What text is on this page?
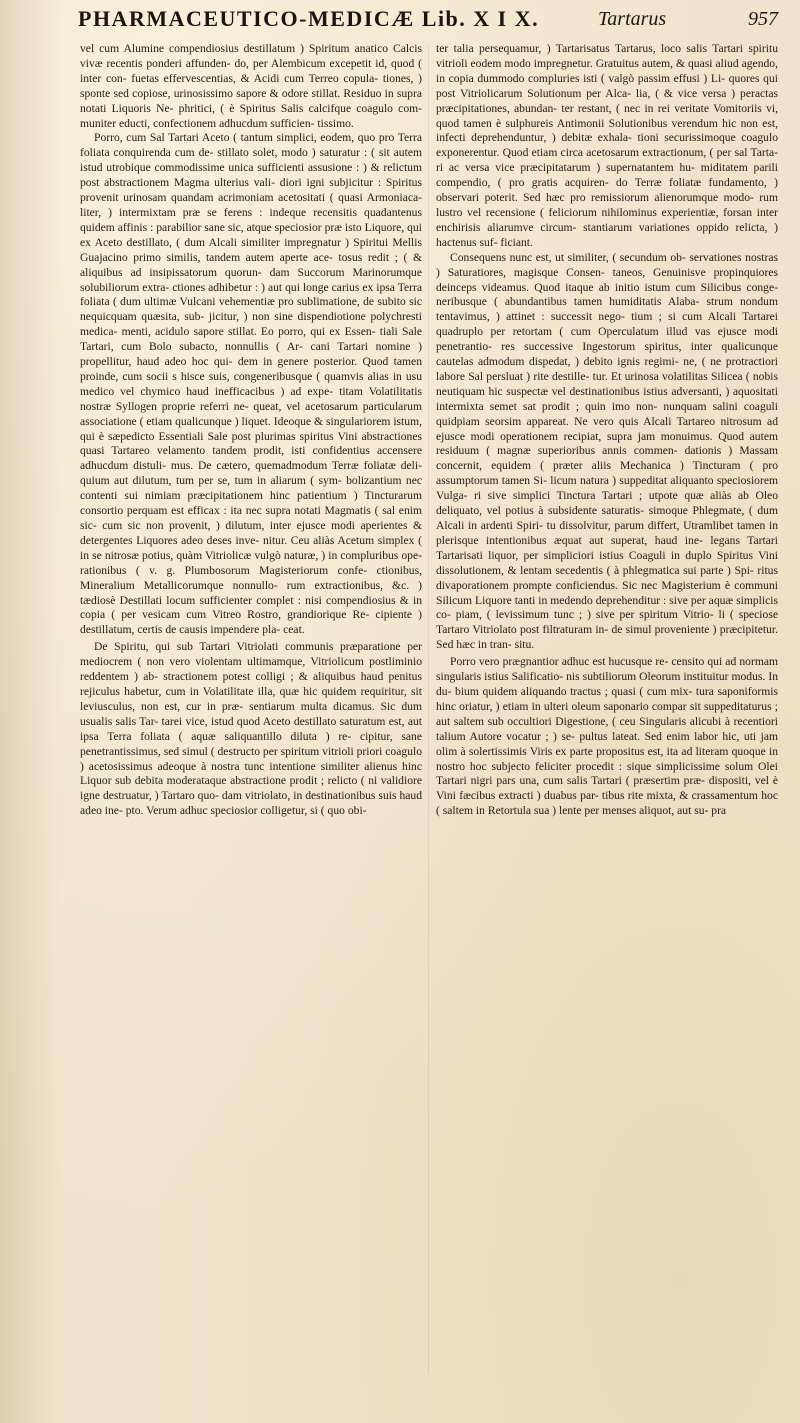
PHARMACEUTICO-MEDICÆ Lib. X I X.	Tartarus	957

vel cum Aluminе compendiosius destillatum ) Spiritum anatico Calcis vivæ recentis ponderi affunden- do, per Alembicum excepetit id, quod ( inter con- fuetas effervescentias, & Acidi cum Terreo copula- tiones, ) sponte sed copiose, urinosissimo sapore & odore stillat. Residuo in supra notati Liquoris Ne- phritici, ( è Spiritus Salis calcifque coagulo com- muniter educti, confectionem adhucdum sufficien- tissimo.

Porro, cum Sal Tartari Aceto ( tantum simplici, eodem, quo pro Terra foliata conquirenda cum de- stillato solet, modo ) saturatur : ( sit autem istud utrobique commodissime unica sufficienti assusione : ) & relictum post abstractionem Magma ulterius vali- diori igni subjicitur : Spiritus provenit urinosam quandam acrimoniam acetositati ( quasi Armoniaca- liter, ) intermixtam præ se ferens : indeque recensitis quadantenus quidem affinis : parabilior sane sic, atque speciosior præ isto Liquore, qui ex Aceto destillato, ( dum Alcali similiter impregnatur ) Spiritui Mellis Guajacino primo similis, tandem autem aperte ace- tosus redit ; ( & aliquibus ad insipissatorum quorun- dam Succorum Marinorumque solubiliorum extra- ctiones adhibetur : ) aut qui longe carius ex ipsa Terra foliata ( dum ultimæ Vulcani vehementiæ pro sublimatione, de subito sic nequicquam quæsita, sub- jicitur, ) non sine dispendiotione polychresti medica- menti, acidulo sapore stillat. Eo porro, qui ex Essen- tiali Sale Tartari, cum Bolo subacto, nonnullis ( Ar- cani Tartari nomine ) propellitur, haud adeo hoc qui- dem in genere posterior. Quod tamen proinde, cum socii s hisce suis, congeneribusque ( quamvis alias in usu medico vel chymico haud inefficacibus ) ad expe- titam Volatilitatis nostræ Syllogen proprie referri ne- queat, vel acetosarum particularum associatione ( etiam qualicunque ) liquet. Ideoque & singulariorem istum, qui è sæpedicto Essentiali Sale post plurimas spiritus Vini abstractiones quasi Tartareo velamento tandem prodit, isti confidentius accensere adhucdum distuli- mus. De cætero, quemadmodum Terræ foliatæ deli- quium aut dilutum, tum per se, tum in aliarum ( sym- bolizantium nec contenti sui nimiam præcipitationem hinc patientium ) Tincturarum consortio perquam est efficax : ita nec supra notati Magmatis ( sal enim sic- cum sic non provenit, ) dilutum, inter ejusce modi aperientes & detergentes Liquores adeo deses inve- nitur. Ceu aliàs Acetum simplex ( in se nitrosæ potius, quàm Vitriolicæ vulgò naturæ, ) in compluribus ope- rationibus ( v. g. Plumbosorum Magisteriorum confe- ctionibus, Mineralium Metallicorumque nonnullo- rum extractionibus, &c. ) tædiosè Destillati locum sufficienter complet : nisi compendiosius & in copia ( per vesicam cum Vitreo Rostro, grandiorique Re- cipiente ) destillatum, certis de causis impendere pla- ceat.

De Spiritu, qui sub Tartari Vitriolati communis præparatione per mediocrem ( non vero violentam ultimamque, Vitriolicum postliminio reddentem ) ab- stractionem potest colligi ; & aliquibus haud penitus rejiculus habetur, cum in Volatilitate illa, quæ hic quidem requiritur, sit leviusculus, non est, cur in præ- sentiarum multa dicamus. Sic dum usualis salis Tar- tarei vice, istud quod Aceto destillato saturatum est, aut ipsa Terra foliata ( aquæ saliquantillo diluta ) re- cipitur, sane penetrantissimus, sed simul ( destructo per spiritum vitrioli priori coagulo ) acetosissimus adeoque à nostra tunc intentione similiter alienus hinc Liquor sub debita moderataque abstractione prodit ; relicto ( ni validiore igne destruatur, ) Tartaro quo- dam vitriolato, in destinationibus suis haud adeo ine- pto. Verum adhuc speciosior colligetur, si ( quo obi-

ter talia persequamur, ) Tartarisatus Tartarus, loco salis Tartari spiritu vitrioli eodem modo impregnetur. Gratuitus autem, & quasi aliud agendo, in copia dummodo compluries isti ( valgò passim effusi ) Li- quores qui post Vitriolicarum Solutionum per Alca- lia, ( & vice versa ) peractas præcipitationes, abundan- ter restant, ( nec in rei veritate Vomitoriis vi, quod tamen è sulphureis Antimonii Solutionibus verendum hic non est, infecti deprehenduntur, ) debitæ exhala- tioni securissimoque coagulo exponerentur. Quod etiam circa acetosarum extractionum, ( per sal Tarta- ri ac versa vice præcipitatarum ) supernatantem hu- miditatem parili compendio, ( pro gratis acquiren- do Terræ foliatæ fundamento, ) observari poterit. Sed hæc pro remissiorum alienorumque modo- rum lustro vel recensione ( feliciorum nihilominus experientiæ, forsan inter enchirisis aliarumve circum- stantiarum variationes oppido relicta, ) hactenus suf- ficiant.

Consequens nunc est, ut similiter, ( secundum ob- servationes nostras ) Saturatiores, magisque Consen- taneos, Genuinisve propinquiores deinceps videamus. Quod itaque ab initio istum cum Silicibus conge- neribusque ( abundantibus tamen humiditatis Alaba- strum nondum tentavimus, ) attinet : successit nego- tium ; si cum Alcali Tartarei quadruplo per retortam ( cum Operculatum illud vas ejusce modi penetrantio- res successive Ingestorum spiritus, inter qualicunque cautelas admodum dispedat, ) debito ignis regimi- ne, ( ne protractiori labore Sal persluat ) rite destille- tur. Et urinosa volatilitas Silicea ( nobis neutiquam hic suspectæ vel destinationibus istius adversanti, ) aquositati intermixta semet sat prodit ; quin imo non- nunquam salini coaguli quidpiam seorsim appareat. Ne vero quis Alcali Tartareo nitrosum ad ejusce modi operationem recipiat, supra jam monuimus. Quod autem residuum ( magnæ superioribus annis commen- dationis ) Massam concernit, equidem ( præter aliis Mechanica ) Tincturam ( pro assumptorum tamen Si- licum natura ) suppeditat aliquanto speciosiorem Vulga- ri sive simplici Tinctura Tartari ; utpote quæ aliàs ab Oleo deliquato, vel potius à subsidente saturatis- simoque Phlegmate, ( dum Alcali in ardenti Spiri- tu dissolvitur, parum differt, Utramlibet tamen in plerisque intentionibus æquat aut superat, haud ine- legans Tartari Tartarisati liquor, per simpliciori istius Coaguli in duplo Spiritus Vini dissolutionem, & lentam secedentis ( à phlegmatica sui parte ) Spi- ritus divaporationem prompte conficiendus. Sic nec Magisterium è communi Silicum Liquore tanti in medendo deprehenditur : sive per aquæ simplicis co- piam, ( levissimum tunc ; ) sive per spiritum Vitrio- li ( speciose Tartaro Vitriolato post filtraturam in- de simul proveniente ) præcipitetur. Sed hæc in tran- situ.

Porro vero prægnantior adhuc est hucusque re- censito qui ad normam singularis istius Salificatio- nis subtiliorum Oleorum instituitur modus. In du- bium quidem aliquando tractus ; quasi ( cum mix- tura saponiformis hinc oriatur, ) etiam in ulteri oleum saponario compar sit suppeditaturus ; aut saltem sub occultiori Digestione, ( ceu Singularis alicubi à recentiori talium Autore vocatur ; ) se- pultus lateat. Sed enim labor hic, uti jam olim à solertissimis Viris ex parte propositus est, ita ad literam quoque in nostro hoc subjecto feliciter procedit : sique simplicissime solum Olei Tartari nigri pars una, cum salis Tartari ( præsertim præ- dispositi, vel è Vini fæcibus extracti ) duabus par- tibus rite mixta, & crassamentum hoc ( saltem in Retortula sua ) lente per menses aliquot, aut su- pra
